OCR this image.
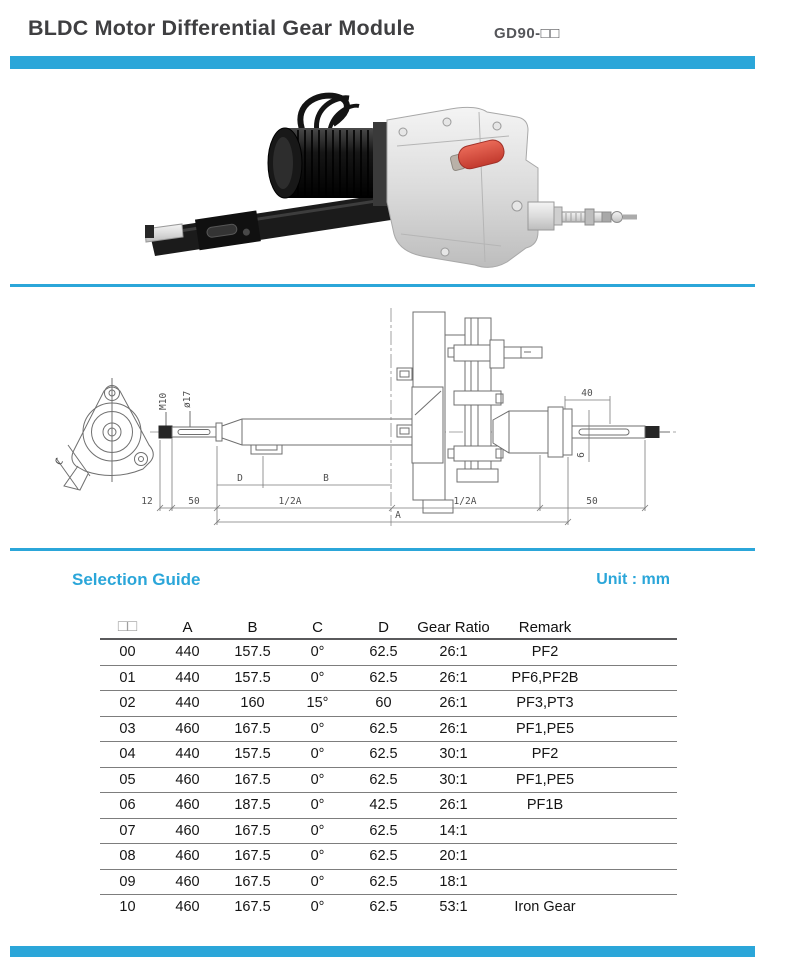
BLDC Motor Differential Gear Module	GD90-□□
C
M10 ø17	40
6
D	B
12	50	1/2A	1/2A	50
A
Selection Guide	Unit : mm
□□	A	B	C	D	Gear Ratio	Remark	
00	440	157.5	0°	62.5	26:1	PF2	
01	440	157.5	0°	62.5	26:1	PF6,PF2B	
02	440	160	15°	60	26:1	PF3,PT3	
03	460	167.5	0°	62.5	26:1	PF1,PE5	
04	440	157.5	0°	62.5	30:1	PF2	
05	460	167.5	0°	62.5	30:1	PF1,PE5	
06	460	187.5	0°	42.5	26:1	PF1B	
07	460	167.5	0°	62.5	14:1		
08	460	167.5	0°	62.5	20:1		
09	460	167.5	0°	62.5	18:1		
10	460	167.5	0°	62.5	53:1	Iron Gear	
